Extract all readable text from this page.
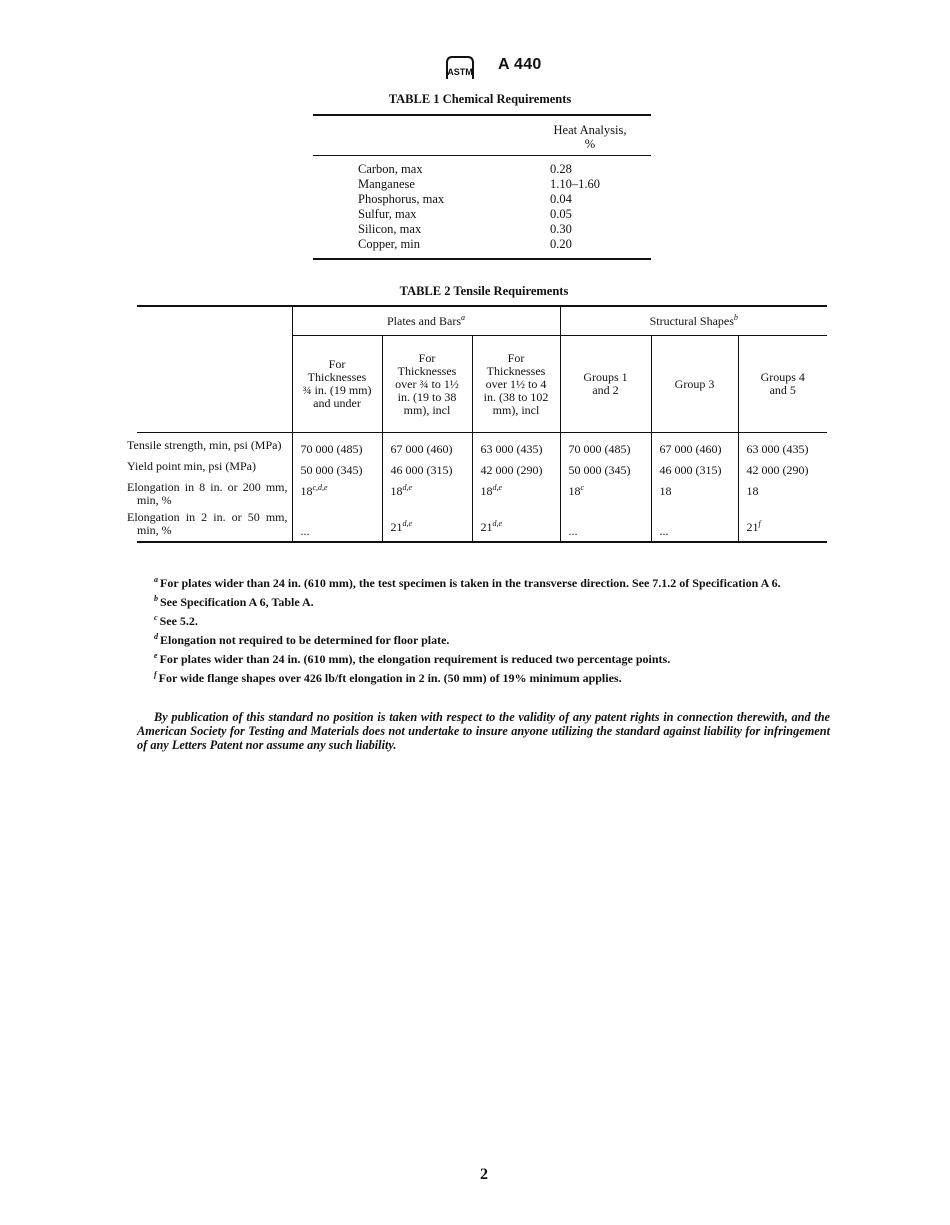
ASTM A 440
TABLE 1 Chemical Requirements
Heat Analysis,
%
Carbon, max	0.28
Manganese	1.10–1.60
Phosphorus, max	0.04
Sulfur, max	0.05
Silicon, max	0.30
Copper, min	0.20
TABLE 2 Tensile Requirements

	Plates and Bars$^a$			Structural Shapes$^b$
	For Thicknesses ¾ in. (19 mm) and under	For Thicknesses over ¾ to 1½ in. (19 to 38 mm), incl	For Thicknesses over 1½ to 4 in. (38 to 102 mm), incl	Groups 1 and 2	Group 3	Groups 4 and 5
Tensile strength, min, psi (MPa)	70 000 (485)	67 000 (460)	63 000 (435)	70 000 (485)	67 000 (460)	63 000 (435)
Yield point min, psi (MPa)	50 000 (345)	46 000 (315)	42 000 (290)	50 000 (345)	46 000 (315)	42 000 (290)
Elongation in 8 in. or 200 mm, min, %	18$^{c,d,e}$	18$^{d,e}$	18$^{d,e}$	18$^c$	18	18
Elongation in 2 in. or 50 mm, min, %	...	21$^{d,e}$	21$^{d,e}$	...	...	21$^f$

$^a$ For plates wider than 24 in. (610 mm), the test specimen is taken in the transverse direction. See 7.1.2 of Specification A 6.
$^b$ See Specification A 6, Table A.
$^c$ See 5.2.
$^d$ Elongation not required to be determined for floor plate.
$^e$ For plates wider than 24 in. (610 mm), the elongation requirement is reduced two percentage points.
$^f$ For wide flange shapes over 426 lb/ft elongation in 2 in. (50 mm) of 19% minimum applies.
By publication of this standard no position is taken with respect to the validity of any patent rights in connection therewith, and the American Society for Testing and Materials does not undertake to insure anyone utilizing the standard against liability for infringement of any Letters Patent nor assume any such liability.
2
